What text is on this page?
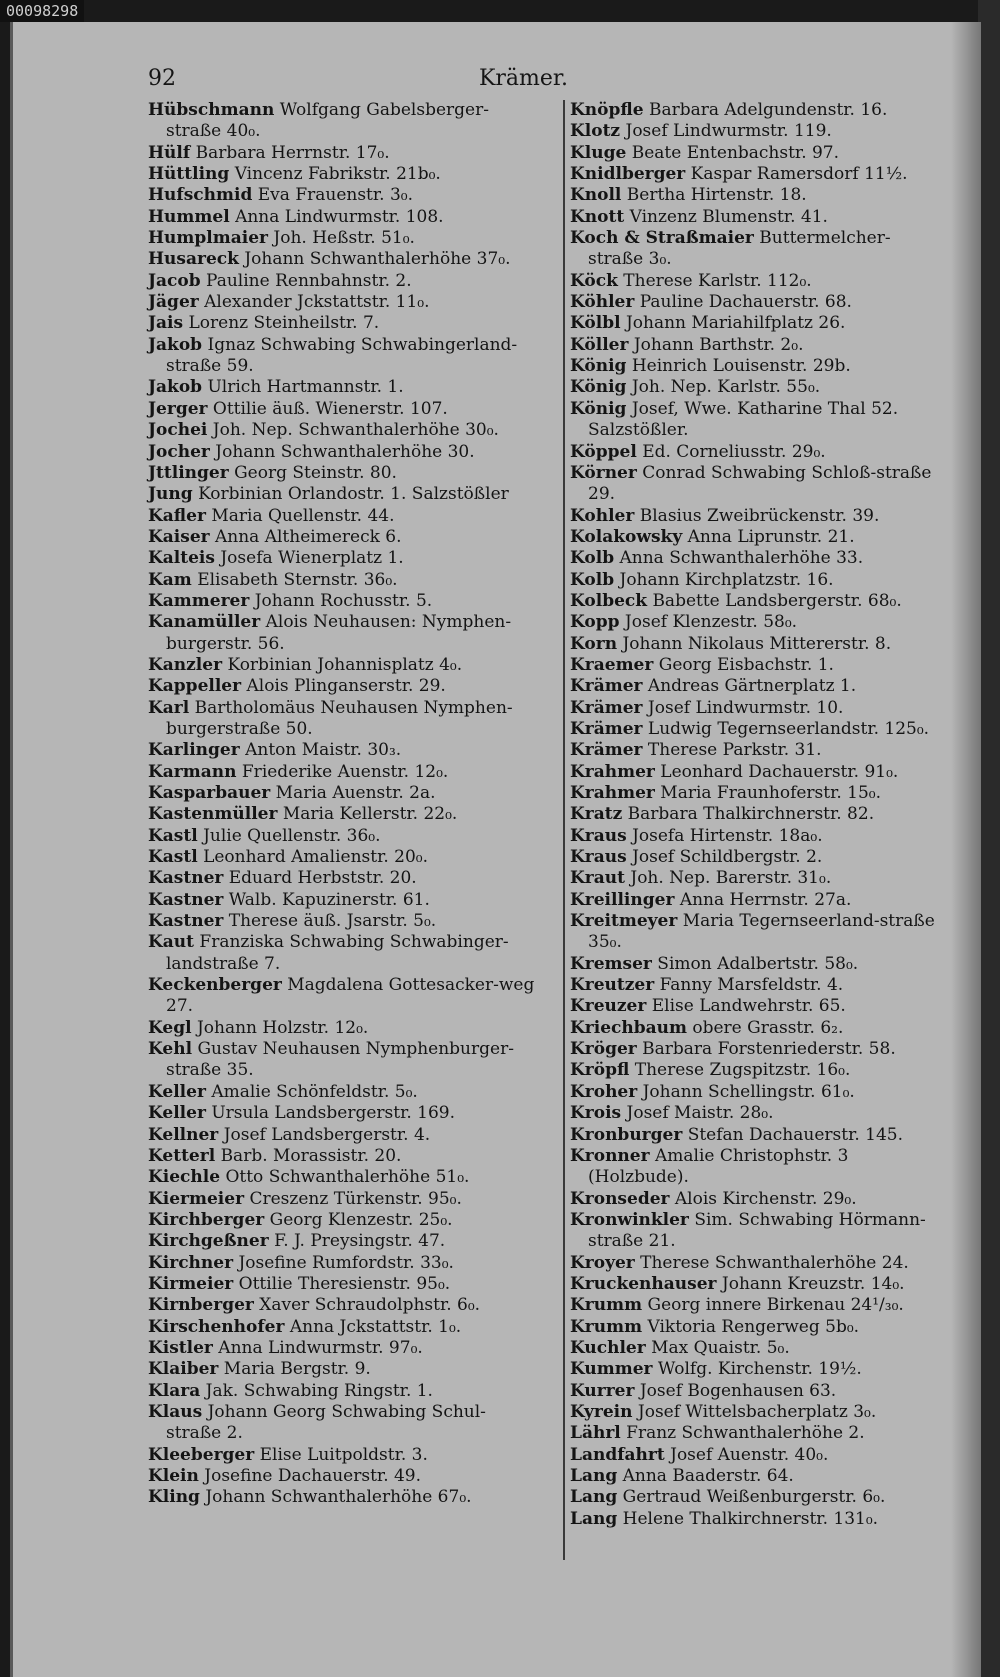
00098298
92	Krämer.
Hübschmann Wolfgang Gabelsberger-straße 40₀.
Hülf Barbara Herrnstr. 17₀.
Hüttling Vincenz Fabrikstr. 21b₀.
Hufschmid Eva Frauenstr. 3₀.
Hummel Anna Lindwurmstr. 108.
Humplmaier Joh. Heßstr. 51₀.
Husareck Johann Schwanthalerhöhe 37₀.
Jacob Pauline Rennbahnstr. 2.
Jäger Alexander Jckstattstr. 11₀.
Jais Lorenz Steinheilstr. 7.
Jakob Ignaz Schwabing Schwabingerland-straße 59.
Jakob Ulrich Hartmannstr. 1.
Jerger Ottilie äuß. Wienerstr. 107.
Jochei Joh. Nep. Schwanthalerhöhe 30₀.
Jocher Johann Schwanthalerhöhe 30.
Jttlinger Georg Steinstr. 80.
Jung Korbinian Orlandostr. 1. Salzstößler
Kafler Maria Quellenstr. 44.
Kaiser Anna Altheimereck 6.
Kalteis Josefa Wienerplatz 1.
Kam Elisabeth Sternstr. 36₀.
Kammerer Johann Rochusstr. 5.
Kanamüller Alois Neuhausen: Nymphen-burgerstr. 56.
Kanzler Korbinian Johannisplatz 4₀.
Kappeller Alois Plinganserstr. 29.
Karl Bartholomäus Neuhausen Nymphen-burgerstraße 50.
Karlinger Anton Maistr. 30₃.
Karmann Friederike Auenstr. 12₀.
Kasparbauer Maria Auenstr. 2a.
Kastenmüller Maria Kellerstr. 22₀.
Kastl Julie Quellenstr. 36₀.
Kastl Leonhard Amalienstr. 20₀.
Kastner Eduard Herbststr. 20.
Kastner Walb. Kapuzinerstr. 61.
Kastner Therese äuß. Jsarstr. 5₀.
Kaut Franziska Schwabing Schwabinger-landstraße 7.
Keckenberger Magdalena Gottesacker-weg 27.
Kegl Johann Holzstr. 12₀.
Kehl Gustav Neuhausen Nymphenburger-straße 35.
Keller Amalie Schönfeldstr. 5₀.
Keller Ursula Landsbergerstr. 169.
Kellner Josef Landsbergerstr. 4.
Ketterl Barb. Morassistr. 20.
Kiechle Otto Schwanthalerhöhe 51₀.
Kiermeier Creszenz Türkenstr. 95₀.
Kirchberger Georg Klenzestr. 25₀.
Kirchgeßner F. J. Preysingstr. 47.
Kirchner Josefine Rumfordstr. 33₀.
Kirmeier Ottilie Theresienstr. 95₀.
Kirnberger Xaver Schraudolphstr. 6₀.
Kirschenhofer Anna Jckstattstr. 1₀.
Kistler Anna Lindwurmstr. 97₀.
Klaiber Maria Bergstr. 9.
Klara Jak. Schwabing Ringstr. 1.
Klaus Johann Georg Schwabing Schul-straße 2.
Kleeberger Elise Luitpoldstr. 3.
Klein Josefine Dachauerstr. 49.
Kling Johann Schwanthalerhöhe 67₀.
Knöpfle Barbara Adelgundenstr. 16.
Klotz Josef Lindwurmstr. 119.
Kluge Beate Entenbachstr. 97.
Knidlberger Kaspar Ramersdorf 11½.
Knoll Bertha Hirtenstr. 18.
Knott Vinzenz Blumenstr. 41.
Koch & Straßmaier Buttermelcher-straße 3₀.
Köck Therese Karlstr. 112₀.
Köhler Pauline Dachauerstr. 68.
Kölbl Johann Mariahilfplatz 26.
Köller Johann Barthstr. 2₀.
König Heinrich Louisenstr. 29b.
König Joh. Nep. Karlstr. 55₀.
König Josef, Wwe. Katharine Thal 52. Salzstößler.
Köppel Ed. Corneliusstr. 29₀.
Körner Conrad Schwabing Schloß-straße 29.
Kohler Blasius Zweibrückenstr. 39.
Kolakowsky Anna Liprunstr. 21.
Kolb Anna Schwanthalerhöhe 33.
Kolb Johann Kirchplatzstr. 16.
Kolbeck Babette Landsbergerstr. 68₀.
Kopp Josef Klenzestr. 58₀.
Korn Johann Nikolaus Mittererstr. 8.
Kraemer Georg Eisbachstr. 1.
Krämer Andreas Gärtnerplatz 1.
Krämer Josef Lindwurmstr. 10.
Krämer Ludwig Tegernseerlandstr. 125₀.
Krämer Therese Parkstr. 31.
Krahmer Leonhard Dachauerstr. 91₀.
Krahmer Maria Fraunhoferstr. 15₀.
Kratz Barbara Thalkirchnerstr. 82.
Kraus Josefa Hirtenstr. 18a₀.
Kraus Josef Schildbergstr. 2.
Kraut Joh. Nep. Barerstr. 31₀.
Kreillinger Anna Herrnstr. 27a.
Kreitmeyer Maria Tegernseerland-straße 35₀.
Kremser Simon Adalbertstr. 58₀.
Kreutzer Fanny Marsfeldstr. 4.
Kreuzer Elise Landwehrstr. 65.
Kriechbaum obere Grasstr. 6₂.
Kröger Barbara Forstenriederstr. 58.
Kröpfl Therese Zugspitzstr. 16₀.
Kroher Johann Schellingstr. 61₀.
Krois Josef Maistr. 28₀.
Kronburger Stefan Dachauerstr. 145.
Kronner Amalie Christophstr. 3 (Holzbude).
Kronseder Alois Kirchenstr. 29₀.
Kronwinkler Sim. Schwabing Hörmann-straße 21.
Kroyer Therese Schwanthalerhöhe 24.
Kruckenhauser Johann Kreuzstr. 14₀.
Krumm Georg innere Birkenau 24¹/₃₀.
Krumm Viktoria Rengerweg 5b₀.
Kuchler Max Quaistr. 5₀.
Kummer Wolfg. Kirchenstr. 19½.
Kurrer Josef Bogenhausen 63.
Kyrein Josef Wittelsbacherplatz 3₀.
Lährl Franz Schwanthalerhöhe 2.
Landfahrt Josef Auenstr. 40₀.
Lang Anna Baaderstr. 64.
Lang Gertraud Weißenburgerstr. 6₀.
Lang Helene Thalkirchnerstr. 131₀.
